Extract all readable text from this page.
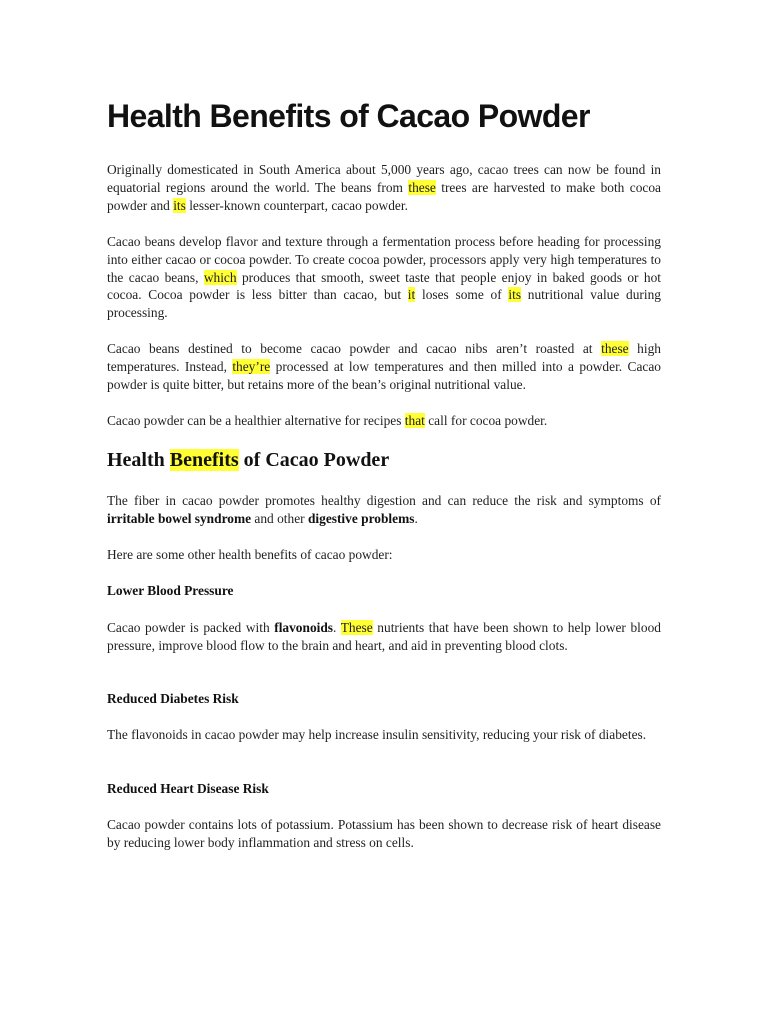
Health Benefits of Cacao Powder

Originally domesticated in South America about 5,000 years ago, cacao trees can now be found in equatorial regions around the world. The beans from these trees are harvested to make both cocoa powder and its lesser-known counterpart, cacao powder.

Cacao beans develop flavor and texture through a fermentation process before heading for processing into either cacao or cocoa powder. To create cocoa powder, processors apply very high temperatures to the cacao beans, which produces that smooth, sweet taste that people enjoy in baked goods or hot cocoa. Cocoa powder is less bitter than cacao, but it loses some of its nutritional value during processing.

Cacao beans destined to become cacao powder and cacao nibs aren’t roasted at these high temperatures. Instead, they’re processed at low temperatures and then milled into a powder. Cacao powder is quite bitter, but retains more of the bean’s original nutritional value.

Cacao powder can be a healthier alternative for recipes that call for cocoa powder.

Health Benefits of Cacao Powder

The fiber in cacao powder promotes healthy digestion and can reduce the risk and symptoms of irritable bowel syndrome and other digestive problems.

Here are some other health benefits of cacao powder:

Lower Blood Pressure

Cacao powder is packed with flavonoids. These nutrients that have been shown to help lower blood pressure, improve blood flow to the brain and heart, and aid in preventing blood clots.

Reduced Diabetes Risk

The flavonoids in cacao powder may help increase insulin sensitivity, reducing your risk of diabetes.

Reduced Heart Disease Risk

Cacao powder contains lots of potassium. Potassium has been shown to decrease risk of heart disease by reducing lower body inflammation and stress on cells.
